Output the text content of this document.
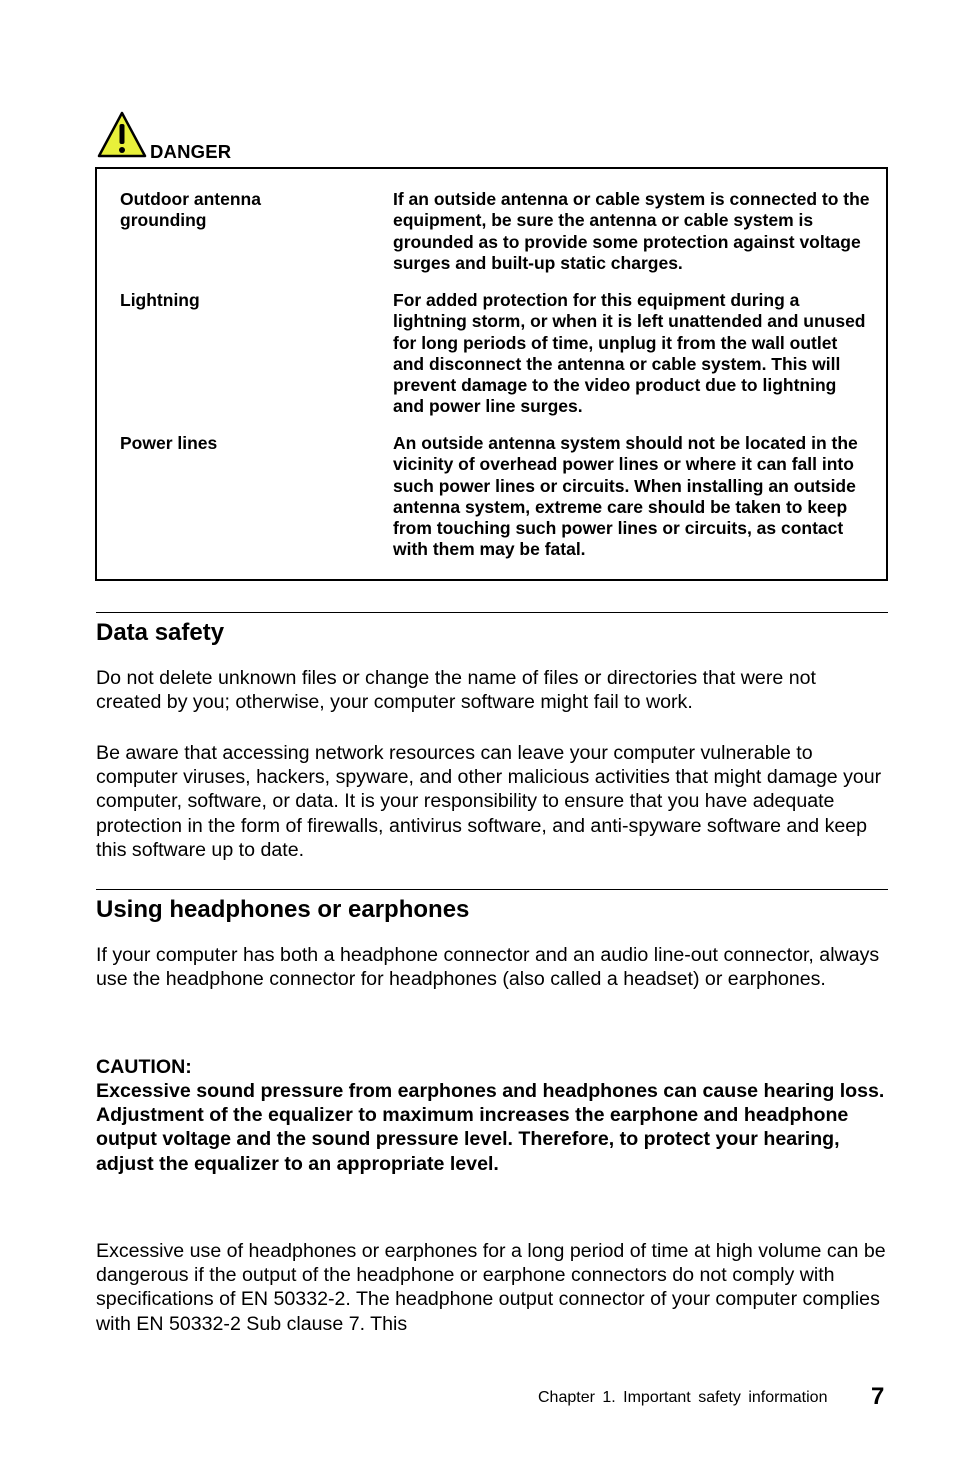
DANGER
Outdoor antenna grounding
If an outside antenna or cable system is connected to the equipment, be sure the antenna or cable system is grounded as to provide some protection against voltage surges and built-up static charges.
Lightning	For added protection for this equipment during a lightning storm, or when it is left unattended and unused for long periods of time, unplug it from the wall outlet and disconnect the antenna or cable system. This will prevent damage to the video product due to lightning and power line surges.
Power lines	An outside antenna system should not be located in the vicinity of overhead power lines or where it can fall into such power lines or circuits. When installing an outside antenna system, extreme care should be taken to keep from touching such power lines or circuits, as contact with them may be fatal.
Data safety

Do not delete unknown files or change the name of files or directories that were not created by you; otherwise, your computer software might fail to work.

Be aware that accessing network resources can leave your computer vulnerable to computer viruses, hackers, spyware, and other malicious activities that might damage your computer, software, or data. It is your responsibility to ensure that you have adequate protection in the form of firewalls, antivirus software, and anti-spyware software and keep this software up to date.

Using headphones or earphones

If your computer has both a headphone connector and an audio line-out connector, always use the headphone connector for headphones (also called a headset) or earphones.

CAUTION:

Excessive sound pressure from earphones and headphones can cause hearing loss. Adjustment of the equalizer to maximum increases the earphone and headphone output voltage and the sound pressure level. Therefore, to protect your hearing, adjust the equalizer to an appropriate level.

Excessive use of headphones or earphones for a long period of time at high volume can be dangerous if the output of the headphone or earphone connectors do not comply with specifications of EN 50332-2. The headphone output connector of your computer complies with EN 50332-2 Sub clause 7. This

Chapter 1. Important safety information 7
